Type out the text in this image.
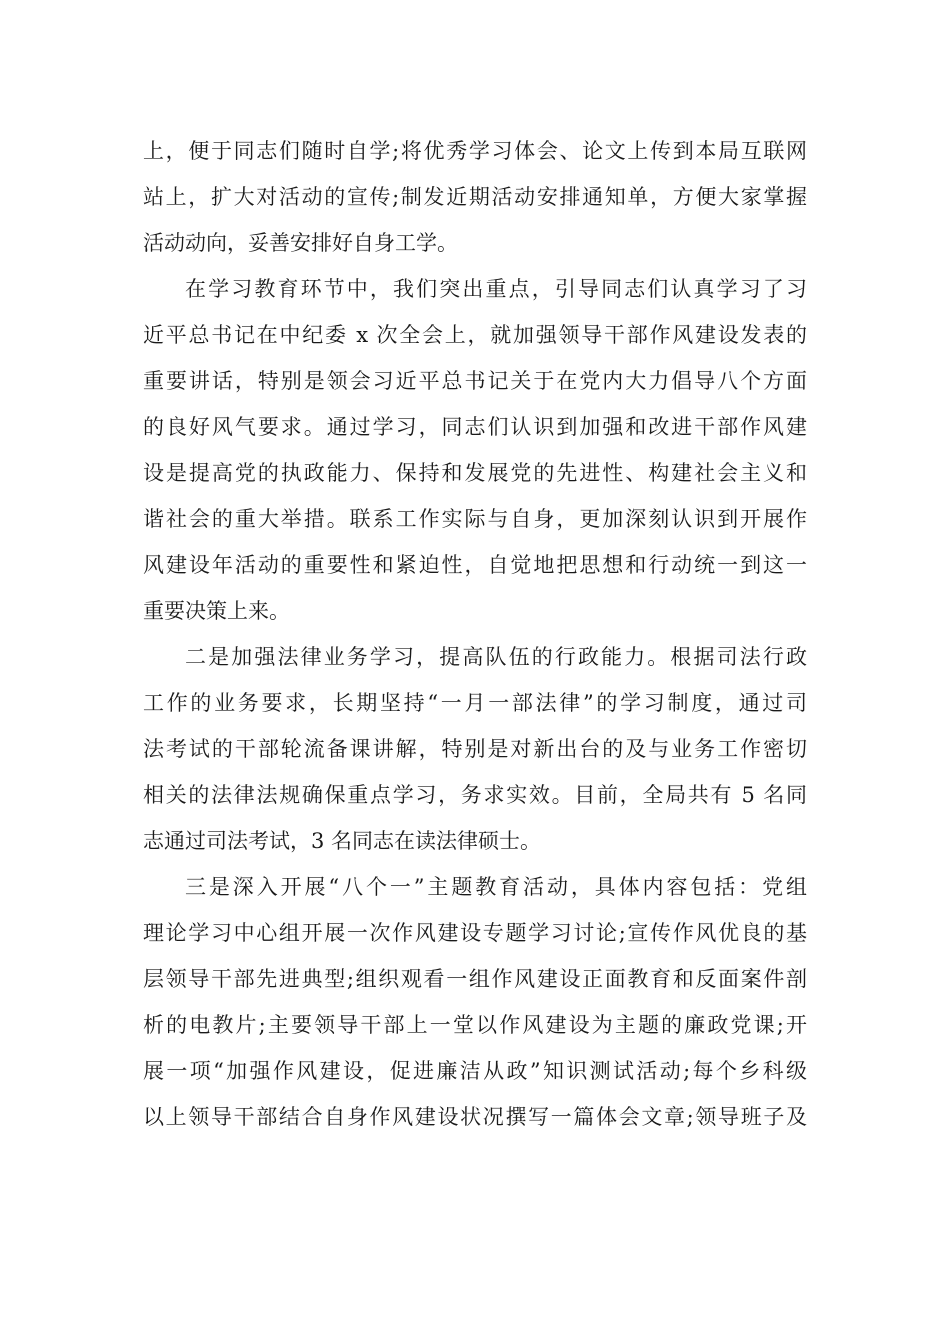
上，便于同志们随时自学;将优秀学习体会、论文上传到本局互联网
站上，扩大对活动的宣传;制发近期活动安排通知单，方便大家掌握
活动动向，妥善安排好自身工学。
在学习教育环节中，我们突出重点，引导同志们认真学习了习
近平总书记在中纪委 x 次全会上，就加强领导干部作风建设发表的
重要讲话，特别是领会习近平总书记关于在党内大力倡导八个方面
的良好风气要求。通过学习，同志们认识到加强和改进干部作风建
设是提高党的执政能力、保持和发展党的先进性、构建社会主义和
谐社会的重大举措。联系工作实际与自身，更加深刻认识到开展作
风建设年活动的重要性和紧迫性，自觉地把思想和行动统一到这一
重要决策上来。
二是加强法律业务学习，提高队伍的行政能力。根据司法行政
工作的业务要求，长期坚持“一月一部法律”的学习制度，通过司
法考试的干部轮流备课讲解，特别是对新出台的及与业务工作密切
相关的法律法规确保重点学习，务求实效。目前，全局共有 5 名同
志通过司法考试，3 名同志在读法律硕士。
三是深入开展“八个一”主题教育活动，具体内容包括：党组
理论学习中心组开展一次作风建设专题学习讨论;宣传作风优良的基
层领导干部先进典型;组织观看一组作风建设正面教育和反面案件剖
析的电教片;主要领导干部上一堂以作风建设为主题的廉政党课;开
展一项“加强作风建设，促进廉洁从政”知识测试活动;每个乡科级
以上领导干部结合自身作风建设状况撰写一篇体会文章;领导班子及
